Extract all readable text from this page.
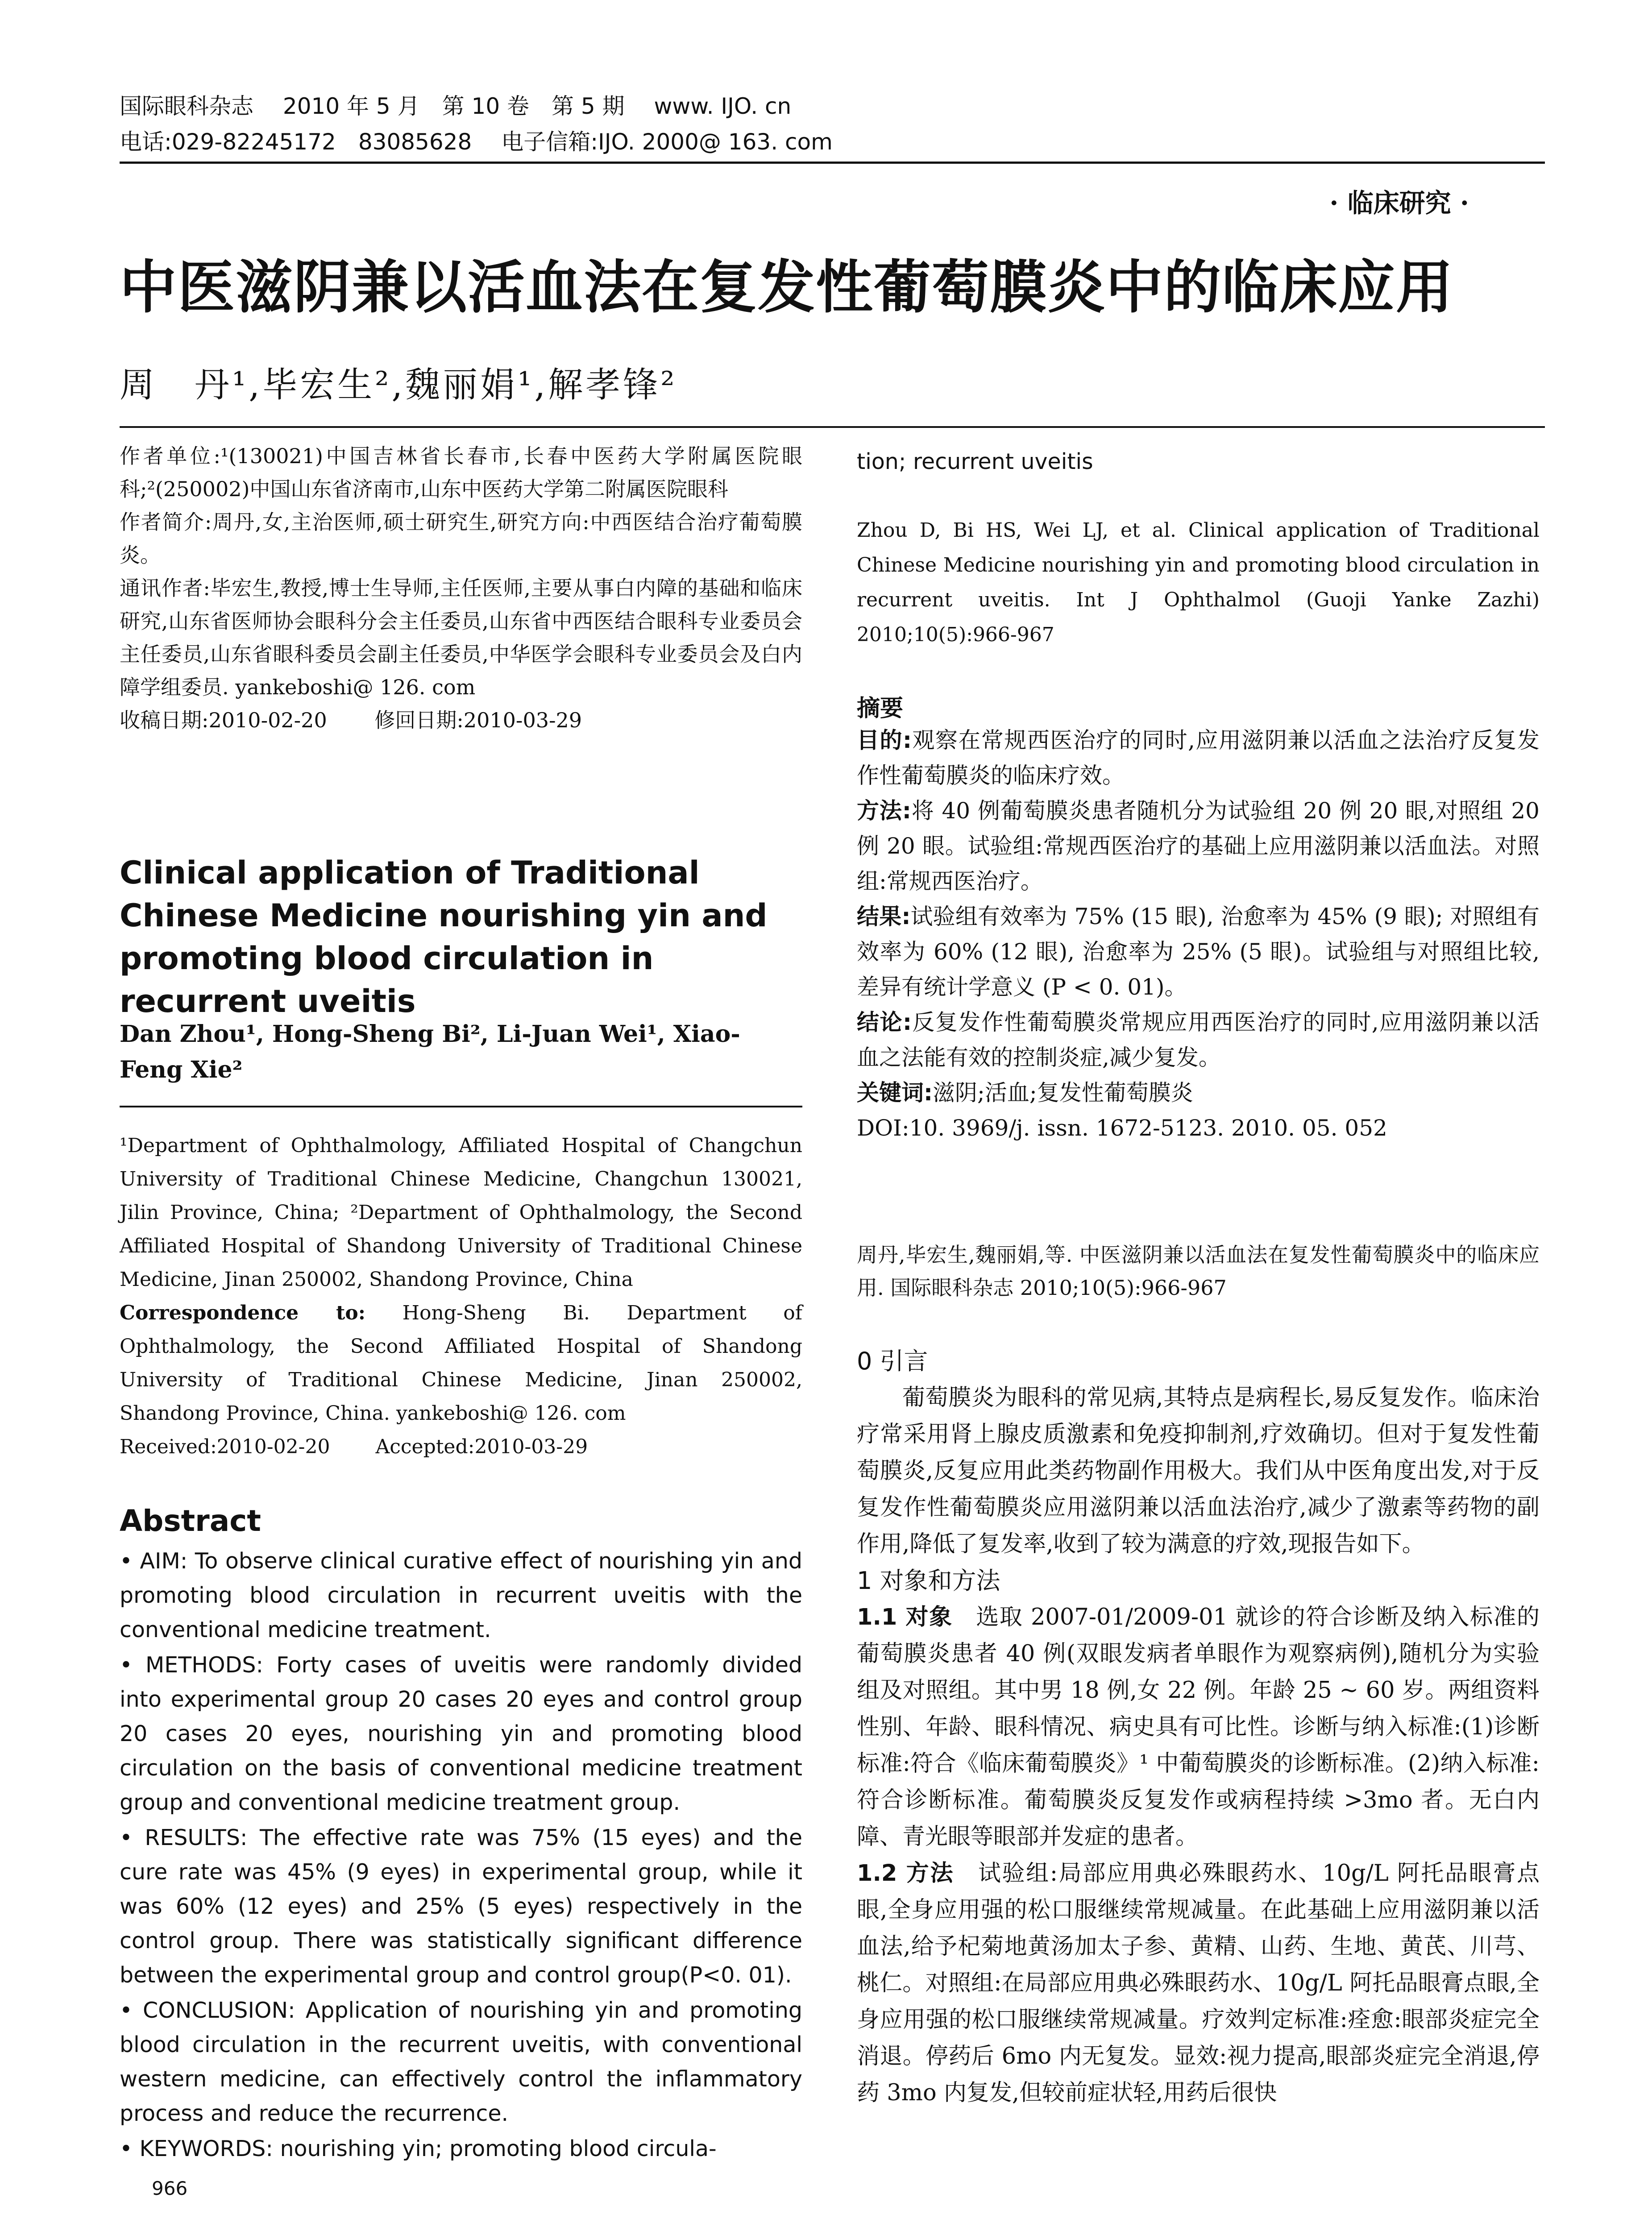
国际眼科杂志　 2010 年 5 月　第 10 卷　第 5 期　 www. IJO. cn
电话:029-82245172　83085628　 电子信箱:IJO. 2000@ 163. com
· 临床研究 ·
中医滋阴兼以活血法在复发性葡萄膜炎中的临床应用
周　丹¹,毕宏生²,魏丽娟¹,解孝锋²

作者单位:¹(130021)中国吉林省长春市,长春中医药大学附属医院眼科;²(250002)中国山东省济南市,山东中医药大学第二附属医院眼科

作者简介:周丹,女,主治医师,硕士研究生,研究方向:中西医结合治疗葡萄膜炎。

通讯作者:毕宏生,教授,博士生导师,主任医师,主要从事白内障的基础和临床研究,山东省医师协会眼科分会主任委员,山东省中西医结合眼科专业委员会主任委员,山东省眼科委员会副主任委员,中华医学会眼科专业委员会及白内障学组委员. yankeboshi@ 126. com

收稿日期:2010-02-20　　 修回日期:2010-03-29

Clinical application of Traditional Chinese Medicine nourishing yin and promoting blood circulation in recurrent uveitis
Dan Zhou¹, Hong-Sheng Bi², Li-Juan Wei¹, Xiao-Feng Xie²

¹Department of Ophthalmology, Affiliated Hospital of Changchun University of Traditional Chinese Medicine, Changchun 130021, Jilin Province, China; ²Department of Ophthalmology, the Second Affiliated Hospital of Shandong University of Traditional Chinese Medicine, Jinan 250002, Shandong Province, China

Correspondence to: Hong-Sheng Bi. Department of Ophthalmology, the Second Affiliated Hospital of Shandong University of Traditional Chinese Medicine, Jinan 250002, Shandong Province, China. yankeboshi@ 126. com

Received:2010-02-20　　 Accepted:2010-03-29

Abstract

• AIM: To observe clinical curative effect of nourishing yin and promoting blood circulation in recurrent uveitis with the conventional medicine treatment.

• METHODS: Forty cases of uveitis were randomly divided into experimental group 20 cases 20 eyes and control group 20 cases 20 eyes, nourishing yin and promoting blood circulation on the basis of conventional medicine treatment group and conventional medicine treatment group.

• RESULTS: The effective rate was 75% (15 eyes) and the cure rate was 45% (9 eyes) in experimental group, while it was 60% (12 eyes) and 25% (5 eyes) respectively in the control group. There was statistically significant difference between the experimental group and control group(P<0. 01).

• CONCLUSION: Application of nourishing yin and promoting blood circulation in the recurrent uveitis, with conventional western medicine, can effectively control the inflammatory process and reduce the recurrence.

• KEYWORDS: nourishing yin; promoting blood circula-

966
tion; recurrent uveitis
Zhou D, Bi HS, Wei LJ, et al. Clinical application of Traditional Chinese Medicine nourishing yin and promoting blood circulation in recurrent uveitis. Int J Ophthalmol (Guoji Yanke Zazhi) 2010;10(5):966-967
摘要

目的:观察在常规西医治疗的同时,应用滋阴兼以活血之法治疗反复发作性葡萄膜炎的临床疗效。

方法:将 40 例葡萄膜炎患者随机分为试验组 20 例 20 眼,对照组 20 例 20 眼。试验组:常规西医治疗的基础上应用滋阴兼以活血法。对照组:常规西医治疗。

结果:试验组有效率为 75% (15 眼), 治愈率为 45% (9 眼); 对照组有效率为 60% (12 眼), 治愈率为 25% (5 眼)。试验组与对照组比较, 差异有统计学意义 (P < 0. 01)。

结论:反复发作性葡萄膜炎常规应用西医治疗的同时,应用滋阴兼以活血之法能有效的控制炎症,减少复发。

关键词:滋阴;活血;复发性葡萄膜炎

DOI:10. 3969/j. issn. 1672-5123. 2010. 05. 052

周丹,毕宏生,魏丽娟,等. 中医滋阴兼以活血法在复发性葡萄膜炎中的临床应用. 国际眼科杂志 2010;10(5):966-967

0 引言

葡萄膜炎为眼科的常见病,其特点是病程长,易反复发作。临床治疗常采用肾上腺皮质激素和免疫抑制剂,疗效确切。但对于复发性葡萄膜炎,反复应用此类药物副作用极大。我们从中医角度出发,对于反复发作性葡萄膜炎应用滋阴兼以活血法治疗,减少了激素等药物的副作用,降低了复发率,收到了较为满意的疗效,现报告如下。

1 对象和方法

1.1 对象　选取 2007-01/2009-01 就诊的符合诊断及纳入标准的葡萄膜炎患者 40 例(双眼发病者单眼作为观察病例),随机分为实验组及对照组。其中男 18 例,女 22 例。年龄 25 ~ 60 岁。两组资料性别、年龄、眼科情况、病史具有可比性。诊断与纳入标准:(1)诊断标准:符合《临床葡萄膜炎》¹ 中葡萄膜炎的诊断标准。(2)纳入标准:符合诊断标准。葡萄膜炎反复发作或病程持续 >3mo 者。无白内障、青光眼等眼部并发症的患者。

1.2 方法　试验组:局部应用典必殊眼药水、10g/L 阿托品眼膏点眼,全身应用强的松口服继续常规减量。在此基础上应用滋阴兼以活血法,给予杞菊地黄汤加太子参、黄精、山药、生地、黄芪、川芎、桃仁。对照组:在局部应用典必殊眼药水、10g/L 阿托品眼膏点眼,全身应用强的松口服继续常规减量。疗效判定标准:痊愈:眼部炎症完全消退。停药后 6mo 内无复发。显效:视力提高,眼部炎症完全消退,停药 3mo 内复发,但较前症状轻,用药后很快
